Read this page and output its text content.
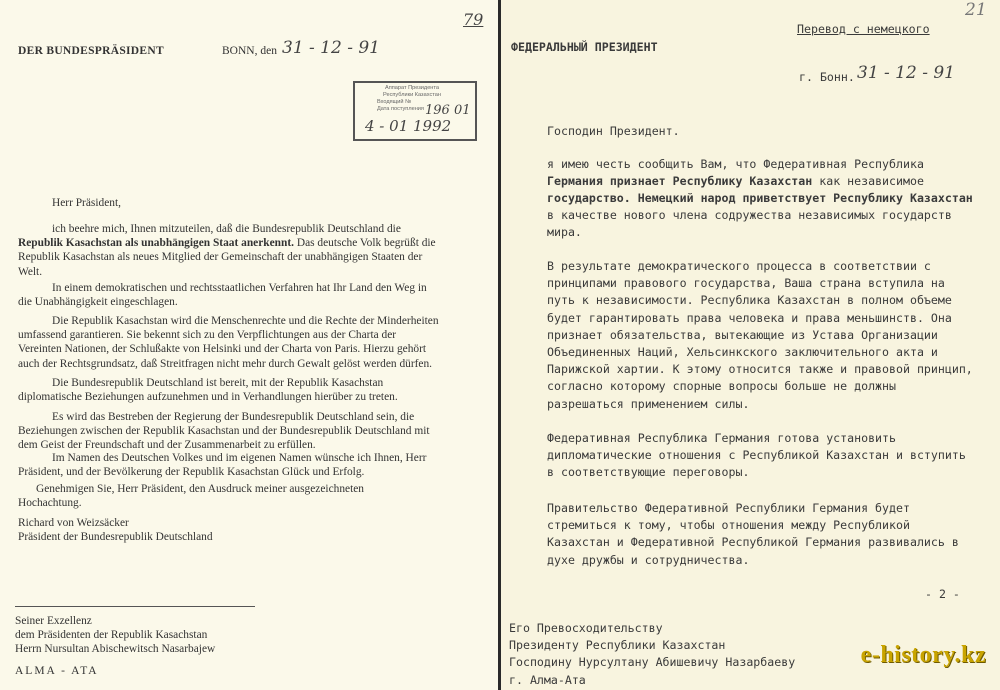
79
DER BUNDESPRÄSIDENT	BONN, den 31 - 12 - 91
Аппарат Президента
Республики Казахстан
Входящий №
Дата поступления 196 01
4 - 01 1992
Herr Präsident,
ich beehre mich, Ihnen mitzuteilen, daß die Bundesrepublik Deutschland die
Republik Kasachstan als unabhängigen Staat anerkennt. Das deutsche Volk begrüßt die
Republik Kasachstan als neues Mitglied der Gemeinschaft der unabhängigen Staaten der
Welt.
In einem demokratischen und rechtsstaatlichen Verfahren hat Ihr Land den Weg in
die Unabhängigkeit eingeschlagen.
Die Republik Kasachstan wird die Menschenrechte und die Rechte der Minderheiten
umfassend garantieren. Sie bekennt sich zu den Verpflichtungen aus der Charta der
Vereinten Nationen, der Schlußakte von Helsinki und der Charta von Paris. Hierzu gehört
auch der Rechtsgrundsatz, daß Streitfragen nicht mehr durch Gewalt gelöst werden dürfen.
Die Bundesrepublik Deutschland ist bereit, mit der Republik Kasachstan
diplomatische Beziehungen aufzunehmen und in Verhandlungen hierüber zu treten.
Es wird das Bestreben der Regierung der Bundesrepublik Deutschland sein, die
Beziehungen zwischen der Republik Kasachstan und der Bundesrepublik Deutschland mit
dem Geist der Freundschaft und der Zusammenarbeit zu erfüllen.
Im Namen des Deutschen Volkes und im eigenen Namen wünsche ich Ihnen, Herr
Präsident, und der Bevölkerung der Republik Kasachstan Glück und Erfolg.
Genehmigen Sie, Herr Präsident, den Ausdruck meiner ausgezeichneten
Hochachtung.
Richard von Weizsäcker
Präsident der Bundesrepublik Deutschland
Seiner Exzellenz
dem Präsidenten der Republik Kasachstan
Herrn Nursultan Abischewitsch Nasarbajew
ALMA - ATA
21
Перевод с немецкого
ФЕДЕРАЛЬНЫЙ ПРЕЗИДЕНТ
г. Бонн. 31 - 12 - 91
Господин Президент.
я имею честь сообщить Вам, что Федеративная Республика
Германия признает Республику Казахстан как независимое
государство. Немецкий народ приветствует Республику Казахстан
в качестве нового члена содружества независимых государств
мира.
В результате демократического процесса в соответствии с
принципами правового государства, Ваша страна вступила на
путь к независимости. Республика Казахстан в полном объеме
будет гарантировать права человека и права меньшинств. Она
признает обязательства, вытекающие из Устава Организации
Объединенных Наций, Хельсинкского заключительного акта и
Парижской хартии. К этому относится также и правовой принцип,
согласно которому спорные вопросы больше не должны
разрешаться применением силы.
Федеративная Республика Германия готова установить
дипломатические отношения с Республикой Казахстан и вступить
в соответствующие переговоры.
Правительство Федеративной Республики Германия будет
стремиться к тому, чтобы отношения между Республикой
Казахстан и Федеративной Республикой Германия развивались в
духе дружбы и сотрудничества.
- 2 -
Его Превосходительству
Президенту Республики Казахстан
Господину Нурсултану Абишевичу Назарбаеву
г. Алма-Ата
e-history.kz
